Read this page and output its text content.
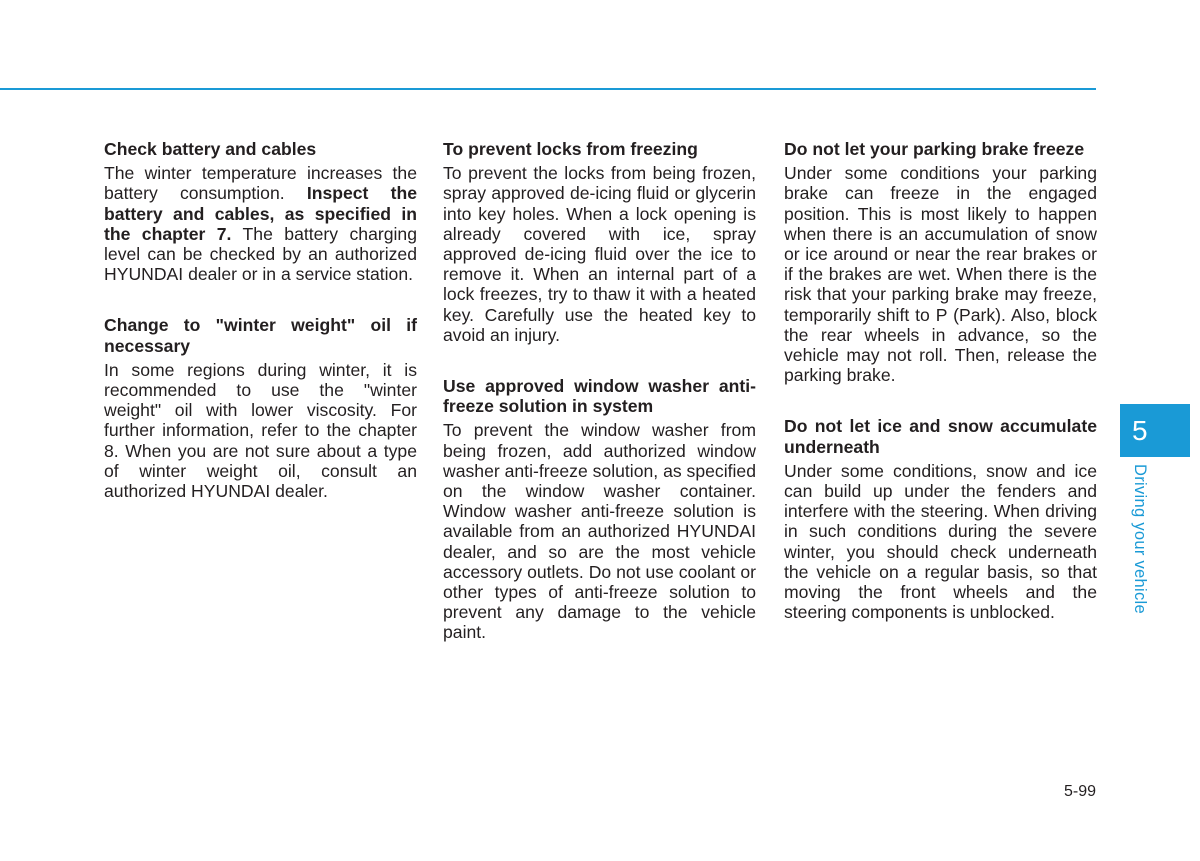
Check battery and cables

The winter temperature increases the battery consumption. Inspect the battery and cables, as specified in the chapter 7. The battery charging level can be checked by an authorized HYUNDAI dealer or in a service station.

Change to "winter weight" oil if necessary

In some regions during winter, it is recommended to use the "winter weight" oil with lower viscosity. For further information, refer to the chapter 8. When you are not sure about a type of winter weight oil, consult an authorized HYUNDAI dealer.

To prevent locks from freezing

To prevent the locks from being frozen, spray approved de-icing fluid or glycerin into key holes. When a lock opening is already covered with ice, spray approved de-icing fluid over the ice to remove it. When an internal part of a lock freezes, try to thaw it with a heated key. Carefully use the heated key to avoid an injury.

Use approved window washer anti-freeze solution in system

To prevent the window washer from being frozen, add authorized window washer anti-freeze solution, as specified on the window washer container. Window washer anti-freeze solution is available from an authorized HYUNDAI dealer, and so are the most vehicle accessory outlets. Do not use coolant or other types of anti-freeze solution to prevent any damage to the vehicle paint.

Do not let your parking brake freeze

Under some conditions your parking brake can freeze in the engaged position. This is most likely to happen when there is an accumulation of snow or ice around or near the rear brakes or if the brakes are wet. When there is the risk that your parking brake may freeze, temporarily shift to P (Park). Also, block the rear wheels in advance, so the vehicle may not roll. Then, release the parking brake.

Do not let ice and snow accumulate underneath

Under some conditions, snow and ice can build up under the fenders and interfere with the steering. When driving in such conditions during the severe winter, you should check underneath the vehicle on a regular basis, so that moving the front wheels and the steering components is unblocked.

5
Driving your vehicle
5-99
